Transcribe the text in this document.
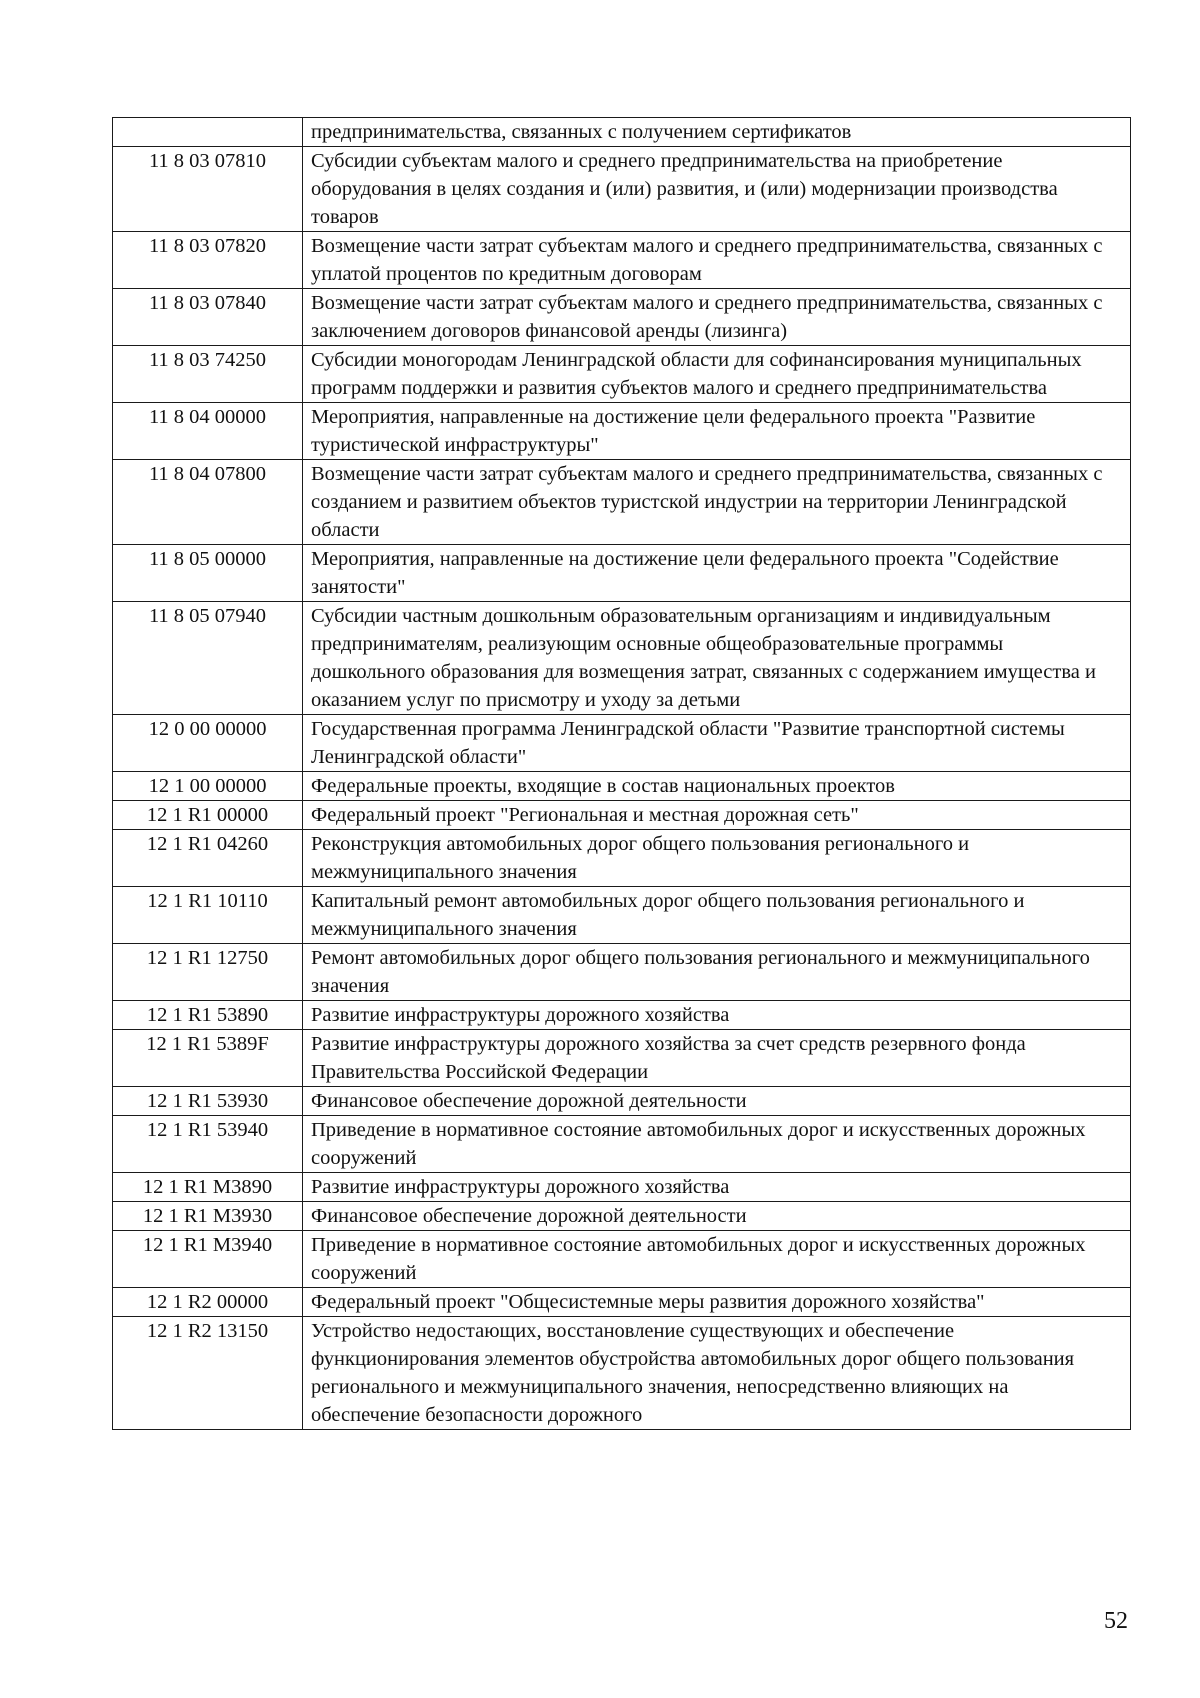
	предпринимательства, связанных с получением сертификатов
11 8 03 07810	Субсидии субъектам малого и среднего предпринимательства на приобретение оборудования в целях создания и (или) развития, и (или) модернизации производства товаров
11 8 03 07820	Возмещение части затрат субъектам малого и среднего предпринимательства, связанных с уплатой процентов по кредитным договорам
11 8 03 07840	Возмещение части затрат субъектам малого и среднего предпринимательства, связанных с заключением договоров финансовой аренды (лизинга)
11 8 03 74250	Субсидии моногородам Ленинградской области для софинансирования муниципальных программ поддержки и развития субъектов малого и среднего предпринимательства
11 8 04 00000	Мероприятия, направленные на достижение цели федерального проекта "Развитие туристической инфраструктуры"
11 8 04 07800	Возмещение части затрат субъектам малого и среднего предпринимательства, связанных с созданием и развитием объектов туристской индустрии на территории Ленинградской области
11 8 05 00000	Мероприятия, направленные на достижение цели федерального проекта "Содействие занятости"
11 8 05 07940	Субсидии частным дошкольным образовательным организациям и индивидуальным предпринимателям, реализующим основные общеобразовательные программы дошкольного образования для возмещения затрат, связанных с содержанием имущества и оказанием услуг по присмотру и уходу за детьми
12 0 00 00000	Государственная программа Ленинградской области "Развитие транспортной системы Ленинградской области"
12 1 00 00000	Федеральные проекты, входящие в состав национальных проектов
12 1 R1 00000	Федеральный проект "Региональная и местная дорожная сеть"
12 1 R1 04260	Реконструкция автомобильных дорог общего пользования регионального и межмуниципального значения
12 1 R1 10110	Капитальный ремонт автомобильных дорог общего пользования регионального и межмуниципального значения
12 1 R1 12750	Ремонт автомобильных дорог общего пользования регионального и межмуниципального значения
12 1 R1 53890	Развитие инфраструктуры дорожного хозяйства
12 1 R1 5389F	Развитие инфраструктуры дорожного хозяйства за счет средств резервного фонда Правительства Российской Федерации
12 1 R1 53930	Финансовое обеспечение дорожной деятельности
12 1 R1 53940	Приведение в нормативное состояние автомобильных дорог и искусственных дорожных сооружений
12 1 R1 M3890	Развитие инфраструктуры дорожного хозяйства
12 1 R1 M3930	Финансовое обеспечение дорожной деятельности
12 1 R1 M3940	Приведение в нормативное состояние автомобильных дорог и искусственных дорожных сооружений
12 1 R2 00000	Федеральный проект "Общесистемные меры развития дорожного хозяйства"
12 1 R2 13150	Устройство недостающих, восстановление существующих и обеспечение функционирования элементов обустройства автомобильных дорог общего пользования регионального и межмуниципального значения, непосредственно влияющих на обеспечение безопасности дорожного
52
